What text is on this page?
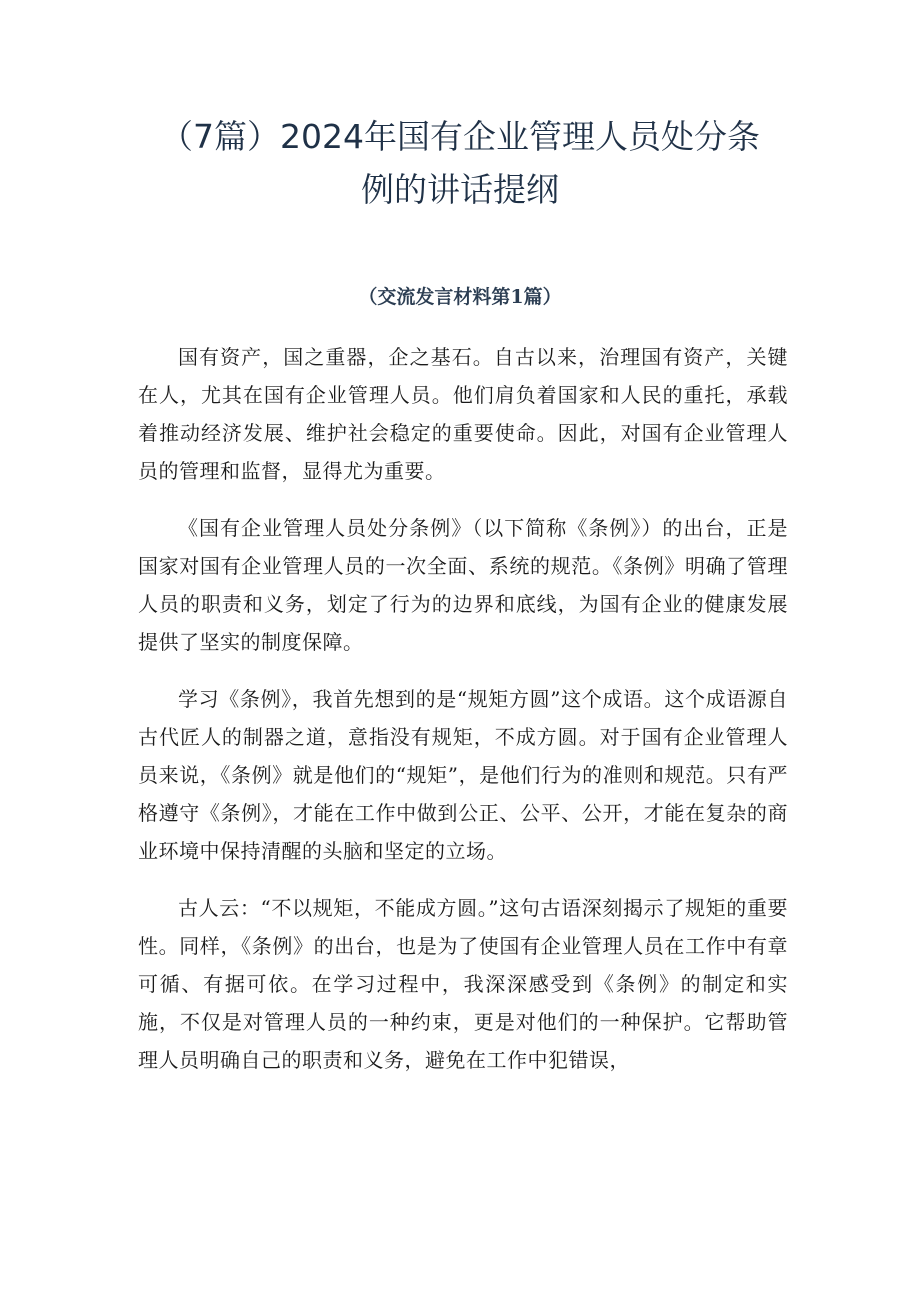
（7篇）2024年国有企业管理人员处分条
例的讲话提纲
（交流发言材料第1篇）

国有资产，国之重器，企之基石。自古以来，治理国有资产，关键在人，尤其在国有企业管理人员。他们肩负着国家和人民的重托，承载着推动经济发展、维护社会稳定的重要使命。因此，对国有企业管理人员的管理和监督，显得尤为重要。

《国有企业管理人员处分条例》（以下简称《条例》）的出台，正是国家对国有企业管理人员的一次全面、系统的规范。《条例》明确了管理人员的职责和义务，划定了行为的边界和底线，为国有企业的健康发展提供了坚实的制度保障。

学习《条例》，我首先想到的是“规矩方圆”这个成语。这个成语源自古代匠人的制器之道，意指没有规矩，不成方圆。对于国有企业管理人员来说，《条例》就是他们的“规矩”，是他们行为的准则和规范。只有严格遵守《条例》，才能在工作中做到公正、公平、公开，才能在复杂的商业环境中保持清醒的头脑和坚定的立场。

古人云：“不以规矩，不能成方圆。”这句古语深刻揭示了规矩的重要性。同样，《条例》的出台，也是为了使国有企业管理人员在工作中有章可循、有据可依。在学习过程中，我深深感受到《条例》的制定和实施，不仅是对管理人员的一种约束，更是对他们的一种保护。它帮助管理人员明确自己的职责和义务，避免在工作中犯错误，
